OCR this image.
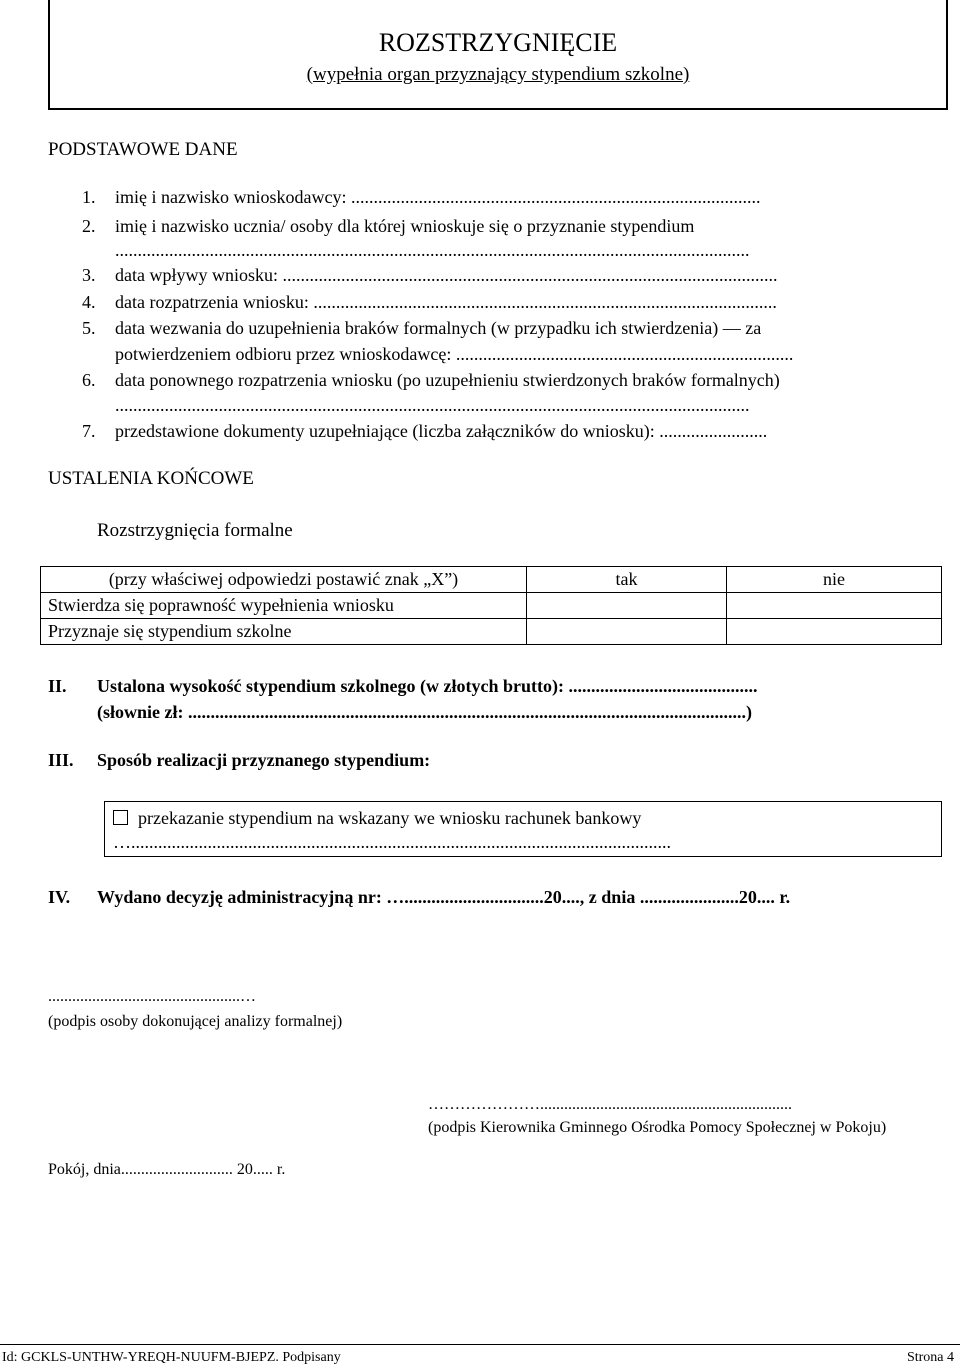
ROZSTRZYGNIĘCIE
(wypełnia organ przyznający stypendium szkolne)
PODSTAWOWE DANE
1. imię i nazwisko wnioskodawcy: ...........................................................................................
2. imię i nazwisko ucznia/ osoby dla której wnioskuje się o przyznanie stypendium
.............................................................................................................................................
3. data wpływy wniosku: ..............................................................................................................
4. data rozpatrzenia wniosku: .......................................................................................................
5. data wezwania do uzupełnienia braków formalnych (w przypadku ich stwierdzenia) ― za
potwierdzeniem odbioru przez wnioskodawcę: ...........................................................................
6. data ponownego rozpatrzenia wniosku (po uzupełnieniu stwierdzonych braków formalnych)
.............................................................................................................................................
7. przedstawione dokumenty uzupełniające (liczba załączników do wniosku): ........................
USTALENIA KOŃCOWE
Rozstrzygnięcia formalne
(przy właściwej odpowiedzi postawić znak „X”)	tak	nie
Stwierdza się poprawność wypełnienia wniosku		
Przyznaje się stypendium szkolne		
II. Ustalona wysokość stypendium szkolnego (w złotych brutto): ..........................................
(słownie zł: ............................................................................................................................)
III. Sposób realizacji przyznanego stypendium:
przekazanie stypendium na wskazany we wniosku rachunek bankowy
…........................................................................................................................
IV. Wydano decyzję administracyjną nr: …...............................20...., z dnia ......................20.... r.
................................................…
(podpis osoby dokonującej analizy formalnej)
…………………...............................................................
(podpis Kierownika Gminnego Ośrodka Pomocy Społecznej w Pokoju)
Pokój, dnia............................ 20..... r.
Id: GCKLS-UNTHW-YREQH-NUUFM-BJEPZ. Podpisany	Strona 4
